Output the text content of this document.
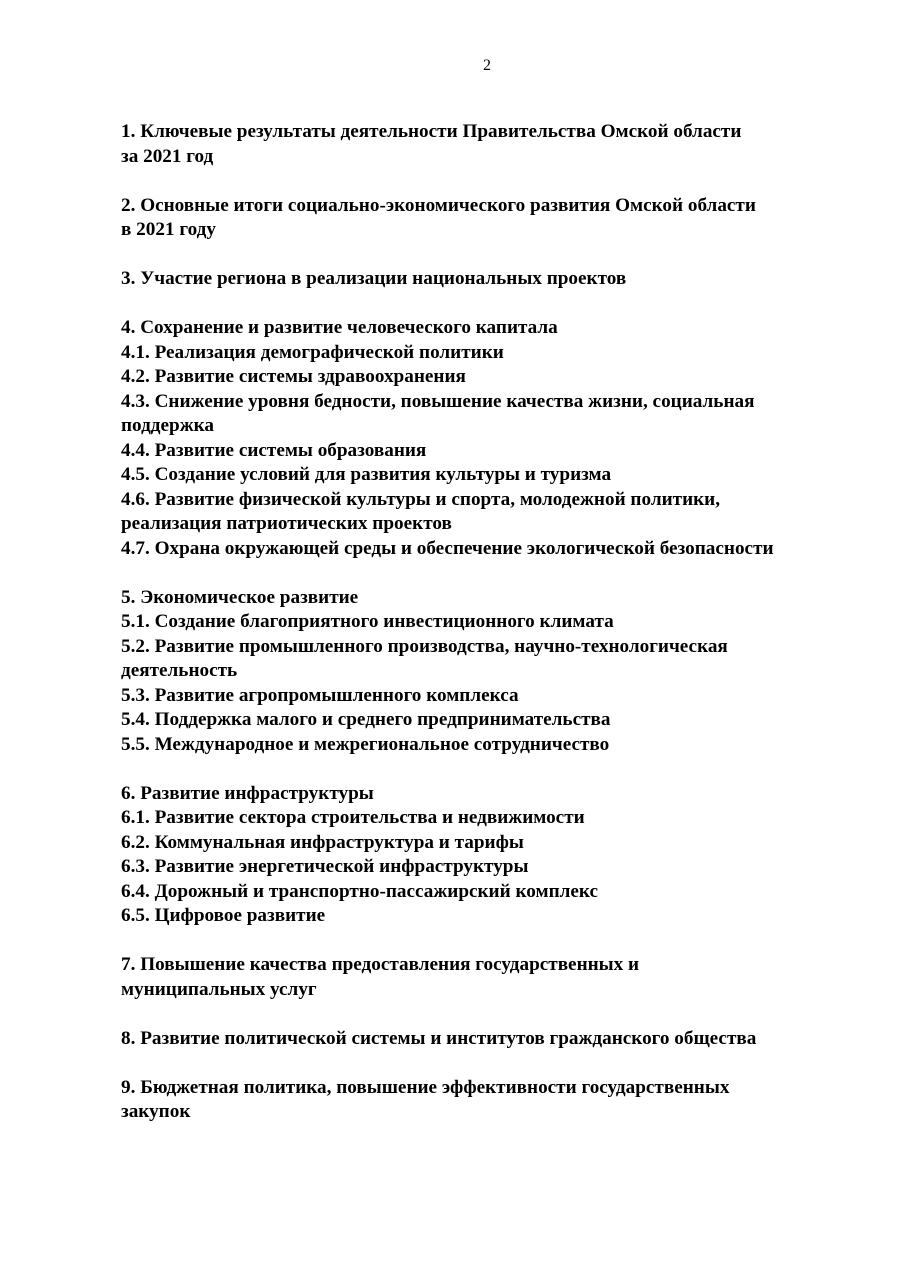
2
1. Ключевые результаты деятельности Правительства Омской области
за 2021 год
2. Основные итоги социально-экономического развития Омской области
в 2021 году
3. Участие региона в реализации национальных проектов
4. Сохранение и развитие человеческого капитала
4.1. Реализация демографической политики
4.2. Развитие системы здравоохранения
4.3. Снижение уровня бедности, повышение качества жизни, социальная
поддержка
4.4. Развитие системы образования
4.5. Создание условий для развития культуры и туризма
4.6. Развитие физической культуры и спорта, молодежной политики,
реализация патриотических проектов
4.7. Охрана окружающей среды и обеспечение экологической безопасности
5. Экономическое развитие
5.1. Создание благоприятного инвестиционного климата
5.2. Развитие промышленного производства, научно-технологическая
деятельность
5.3. Развитие агропромышленного комплекса
5.4. Поддержка малого и среднего предпринимательства
5.5. Международное и межрегиональное сотрудничество
6. Развитие инфраструктуры
6.1. Развитие сектора строительства и недвижимости
6.2. Коммунальная инфраструктура и тарифы
6.3. Развитие энергетической инфраструктуры
6.4. Дорожный и транспортно-пассажирский комплекс
6.5. Цифровое развитие
7. Повышение качества предоставления государственных и
муниципальных услуг
8. Развитие политической системы и институтов гражданского общества
9. Бюджетная политика, повышение эффективности государственных
закупок
